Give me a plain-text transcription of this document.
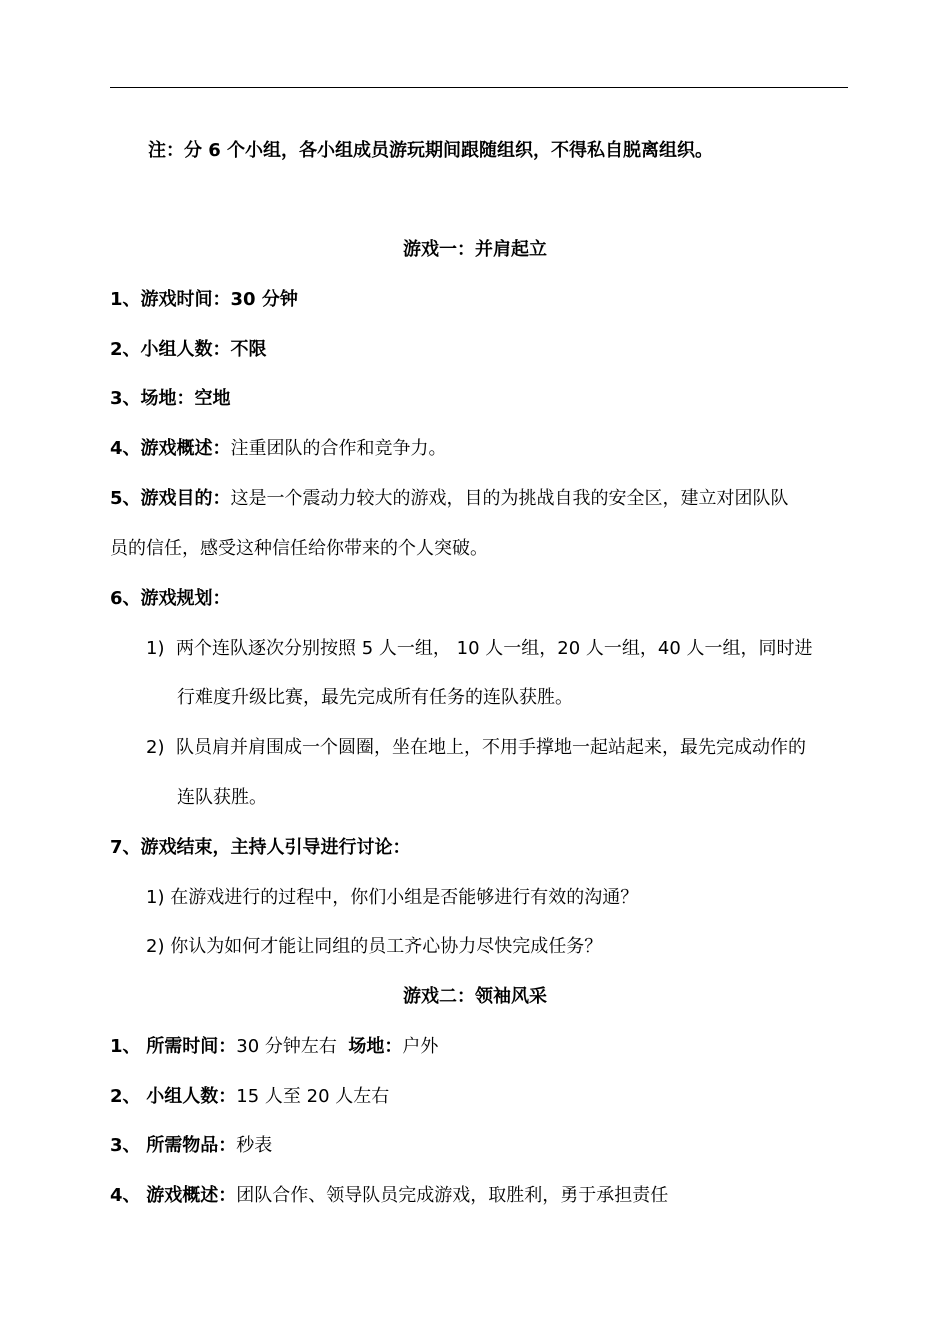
注：分 6 个小组，各小组成员游玩期间跟随组织，不得私自脱离组织。
游戏一：并肩起立
1、游戏时间：30 分钟
2、小组人数：不限
3、场地：空地
4、游戏概述：注重团队的合作和竞争力。
5、游戏目的：这是一个震动力较大的游戏，目的为挑战自我的安全区，建立对团队队
员的信任，感受这种信任给你带来的个人突破。
6、游戏规划：
1) 两个连队逐次分别按照 5 人一组， 10 人一组，20 人一组，40 人一组，同时进
行难度升级比赛，最先完成所有任务的连队获胜。
2) 队员肩并肩围成一个圆圈，坐在地上，不用手撑地一起站起来，最先完成动作的
连队获胜。
7、游戏结束，主持人引导进行讨论：
1) 在游戏进行的过程中，你们小组是否能够进行有效的沟通？
2) 你认为如何才能让同组的员工齐心协力尽快完成任务？
游戏二：领袖风采
1、 所需时间：30 分钟左右 场地：户外
2、 小组人数：15 人至 20 人左右
3、 所需物品：秒表
4、 游戏概述：团队合作、领导队员完成游戏，取胜利，勇于承担责任
